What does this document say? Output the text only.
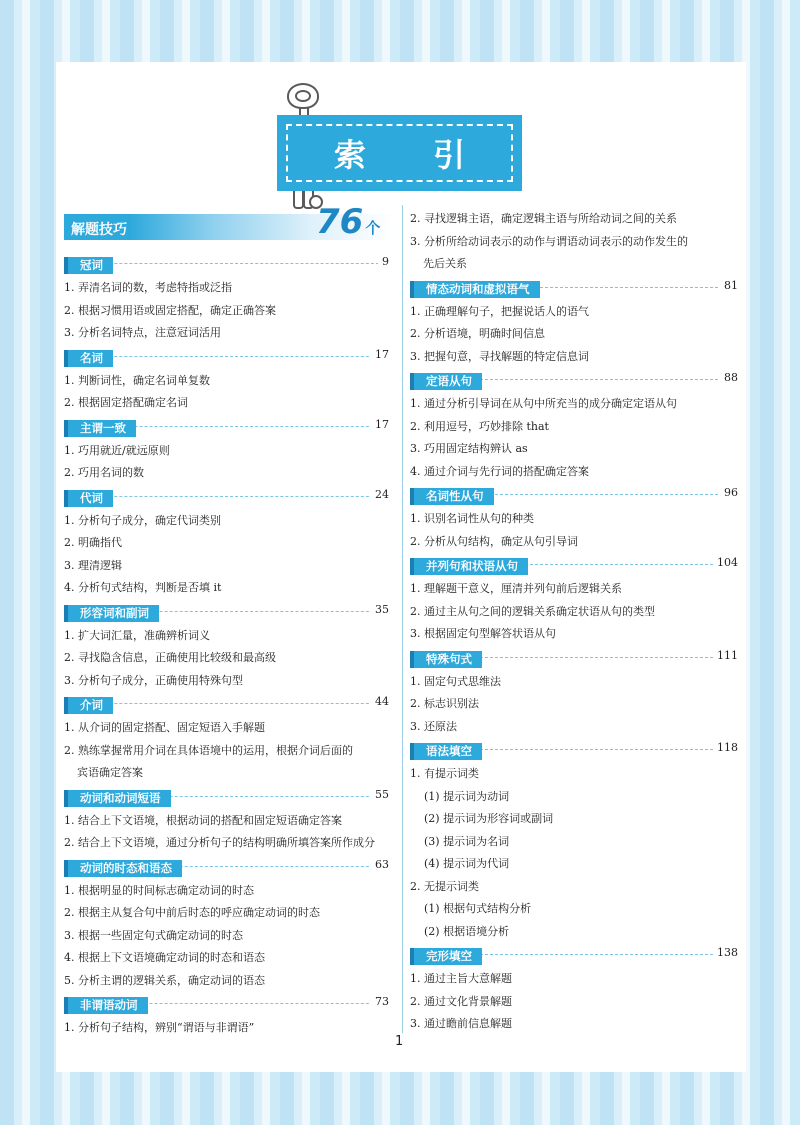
索 引
解题技巧	76 个
冠词	9
1. 弄清名词的数，考虑特指或泛指
2. 根据习惯用语或固定搭配，确定正确答案
3. 分析名词特点，注意冠词活用
名词	17
1. 判断词性，确定名词单复数
2. 根据固定搭配确定名词
主谓一致	17
1. 巧用就近/就远原则
2. 巧用名词的数
代词	24
1. 分析句子成分，确定代词类别
2. 明确指代
3. 理清逻辑
4. 分析句式结构，判断是否填 it
形容词和副词	35
1. 扩大词汇量，准确辨析词义
2. 寻找隐含信息，正确使用比较级和最高级
3. 分析句子成分，正确使用特殊句型
介词	44
1. 从介词的固定搭配、固定短语入手解题
2. 熟练掌握常用介词在具体语境中的运用，根据介词后面的
宾语确定答案
动词和动词短语	55
1. 结合上下文语境，根据动词的搭配和固定短语确定答案
2. 结合上下文语境，通过分析句子的结构明确所填答案所作成分
动词的时态和语态	63
1. 根据明显的时间标志确定动词的时态
2. 根据主从复合句中前后时态的呼应确定动词的时态
3. 根据一些固定句式确定动词的时态
4. 根据上下文语境确定动词的时态和语态
5. 分析主谓的逻辑关系，确定动词的语态
非谓语动词	73
1. 分析句子结构，辨别“谓语与非谓语”
2. 寻找逻辑主语，确定逻辑主语与所给动词之间的关系
3. 分析所给动词表示的动作与谓语动词表示的动作发生的
先后关系
情态动词和虚拟语气	81
1. 正确理解句子，把握说话人的语气
2. 分析语境，明确时间信息
3. 把握句意，寻找解题的特定信息词
定语从句	88
1. 通过分析引导词在从句中所充当的成分确定定语从句
2. 利用逗号，巧妙排除 that
3. 巧用固定结构辨认 as
4. 通过介词与先行词的搭配确定答案
名词性从句	96
1. 识别名词性从句的种类
2. 分析从句结构，确定从句引导词
并列句和状语从句	104
1. 理解题干意义，厘清并列句前后逻辑关系
2. 通过主从句之间的逻辑关系确定状语从句的类型
3. 根据固定句型解答状语从句
特殊句式	111
1. 固定句式思维法
2. 标志识别法
3. 还原法
语法填空	118
1. 有提示词类
(1) 提示词为动词
(2) 提示词为形容词或副词
(3) 提示词为名词
(4) 提示词为代词
2. 无提示词类
(1) 根据句式结构分析
(2) 根据语境分析
完形填空	138
1. 通过主旨大意解题
2. 通过文化背景解题
3. 通过瞻前信息解题
1
